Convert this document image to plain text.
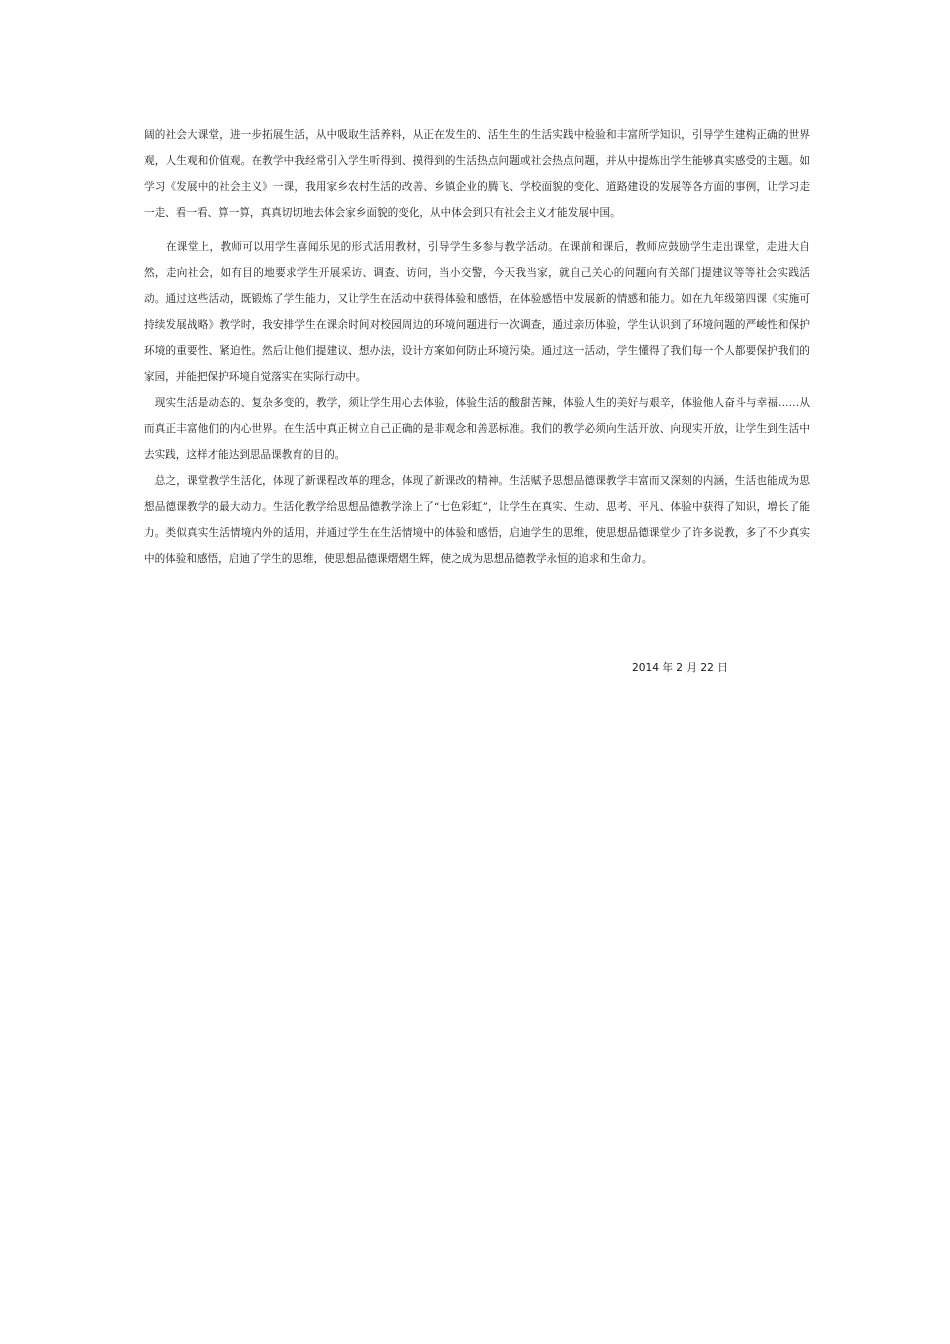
阔的社会大课堂，进一步拓展生活，从中吸取生活养料，从正在发生的、活生生的生活实践中检验和丰富所学知识，引导学生建构正确的世界观，人生观和价值观。在教学中我经常引入学生听得到、摸得到的生活热点问题或社会热点问题，并从中提炼出学生能够真实感受的主题。如学习《发展中的社会主义》一课，我用家乡农村生活的改善、乡镇企业的腾飞、学校面貌的变化、道路建设的发展等各方面的事例，让学习走一走、看一看、算一算，真真切切地去体会家乡面貌的变化，从中体会到只有社会主义才能发展中国。

　　在课堂上，教师可以用学生喜闻乐见的形式活用教材，引导学生多参与教学活动。在课前和课后，教师应鼓励学生走出课堂，走进大自然，走向社会，如有目的地要求学生开展采访、调查、访问，当小交警，今天我当家，就自己关心的问题向有关部门提建议等等社会实践活动。通过这些活动，既锻炼了学生能力，又让学生在活动中获得体验和感悟，在体验感悟中发展新的情感和能力。如在九年级第四课《实施可持续发展战略》教学时，我安排学生在课余时间对校园周边的环境问题进行一次调查，通过亲历体验，学生认识到了环境问题的严峻性和保护环境的重要性、紧迫性。然后让他们提建议、想办法，设计方案如何防止环境污染。通过这一活动，学生懂得了我们每一个人都要保护我们的家园，并能把保护环境自觉落实在实际行动中。

　现实生活是动态的、复杂多变的，教学，须让学生用心去体验，体验生活的酸甜苦辣，体验人生的美好与艰辛，体验他人奋斗与幸福……从而真正丰富他们的内心世界。在生活中真正树立自己正确的是非观念和善恶标准。我们的教学必须向生活开放、向现实开放，让学生到生活中去实践，这样才能达到思品课教育的目的。

　总之，课堂教学生活化，体现了新课程改革的理念，体现了新课改的精神。生活赋予思想品德课教学丰富而又深刻的内涵，生活也能成为思想品德课教学的最大动力。生活化教学给思想品德教学涂上了“七色彩虹”，让学生在真实、生动、思考、平凡、体验中获得了知识，增长了能力。类似真实生活情境内外的适用，并通过学生在生活情境中的体验和感悟，启迪学生的思维，使思想品德课堂少了许多说教，多了不少真实中的体验和感悟，启迪了学生的思维，使思想品德课熠熠生辉，使之成为思想品德教学永恒的追求和生命力。

2014 年 2 月 22 日
